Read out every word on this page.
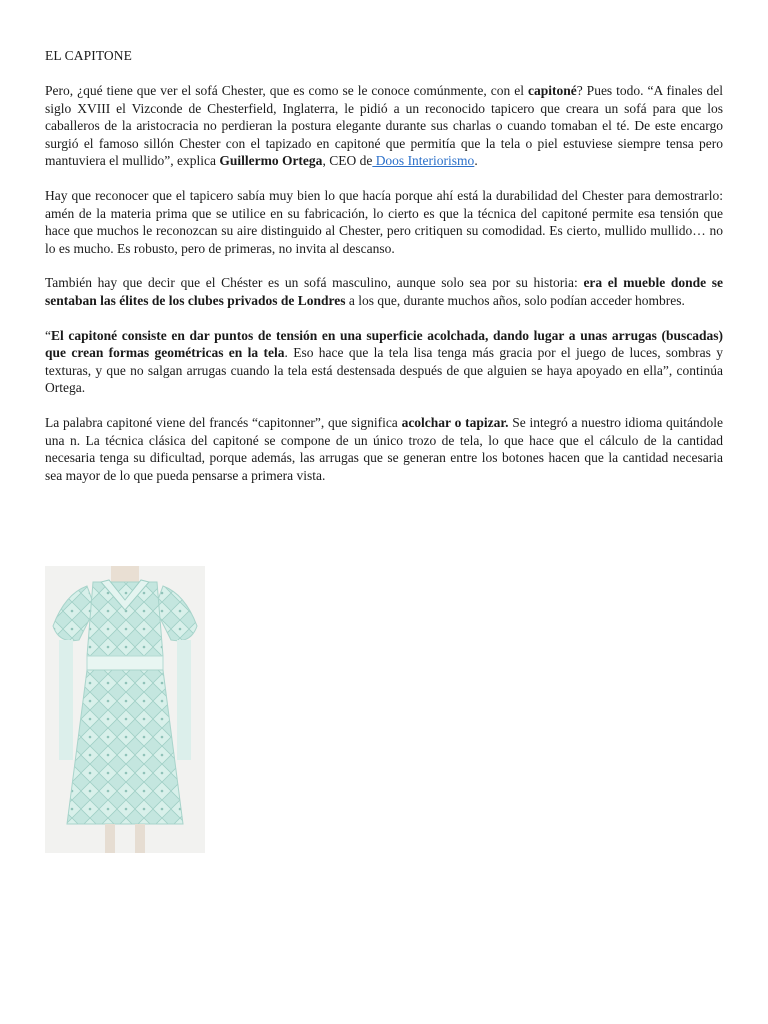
EL CAPITONE

Pero, ¿qué tiene que ver el sofá Chester, que es como se le conoce comúnmente, con el capitoné? Pues todo. “A finales del siglo XVIII el Vizconde de Chesterfield, Inglaterra, le pidió a un reconocido tapicero que creara un sofá para que los caballeros de la aristocracia no perdieran la postura elegante durante sus charlas o cuando tomaban el té. De este encargo surgió el famoso sillón Chester con el tapizado en capitoné que permitía que la tela o piel estuviese siempre tensa pero mantuviera el mullido”, explica Guillermo Ortega, CEO de Doos Interiorismo.

Hay que reconocer que el tapicero sabía muy bien lo que hacía porque ahí está la durabilidad del Chester para demostrarlo: amén de la materia prima que se utilice en su fabricación, lo cierto es que la técnica del capitoné permite esa tensión que hace que muchos le reconozcan su aire distinguido al Chester, pero critiquen su comodidad. Es cierto, mullido mullido… no lo es mucho. Es robusto, pero de primeras, no invita al descanso.

También hay que decir que el Chéster es un sofá masculino, aunque solo sea por su historia: era el mueble donde se sentaban las élites de los clubes privados de Londres a los que, durante muchos años, solo podían acceder hombres.

“El capitoné consiste en dar puntos de tensión en una superficie acolchada, dando lugar a unas arrugas (buscadas) que crean formas geométricas en la tela. Eso hace que la tela lisa tenga más gracia por el juego de luces, sombras y texturas, y que no salgan arrugas cuando la tela está destensada después de que alguien se haya apoyado en ella”, continúa Ortega.

La palabra capitoné viene del francés “capitonner”, que significa acolchar o tapizar. Se integró a nuestro idioma quitándole una n. La técnica clásica del capitoné se compone de un único trozo de tela, lo que hace que el cálculo de la cantidad necesaria tenga su dificultad, porque además, las arrugas que se generan entre los botones hacen que la cantidad necesaria sea mayor de lo que pueda pensarse a primera vista.
